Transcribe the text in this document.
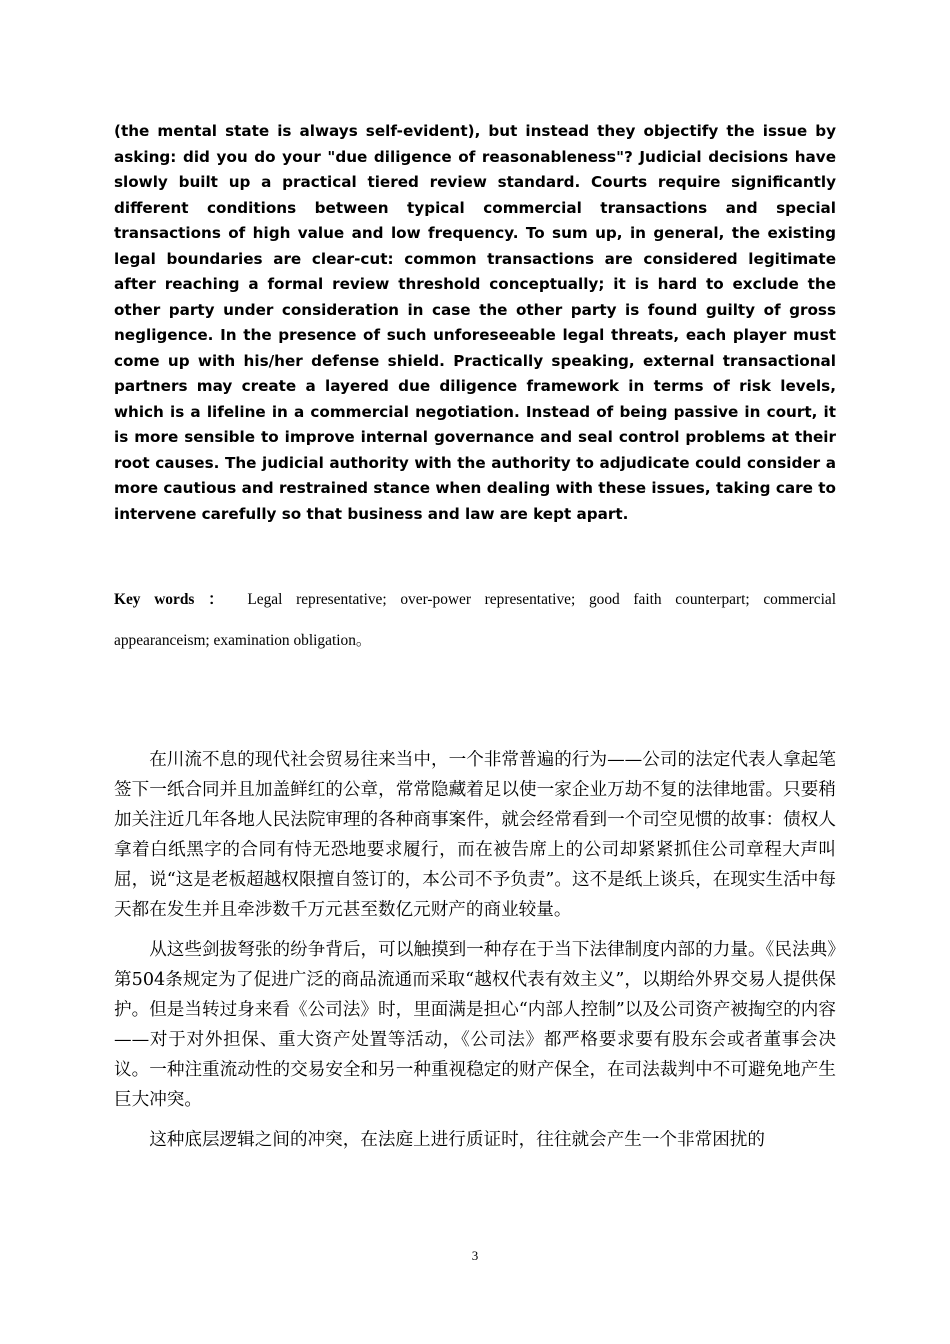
(the mental state is always self-evident), but instead they objectify the issue by asking: did you do your "due diligence of reasonableness"? Judicial decisions have slowly built up a practical tiered review standard. Courts require significantly different conditions between typical commercial transactions and special transactions of high value and low frequency. To sum up, in general, the existing legal boundaries are clear-cut: common transactions are considered legitimate after reaching a formal review threshold conceptually; it is hard to exclude the other party under consideration in case the other party is found guilty of gross negligence. In the presence of such unforeseeable legal threats, each player must come up with his/her defense shield. Practically speaking, external transactional partners may create a layered due diligence framework in terms of risk levels, which is a lifeline in a commercial negotiation. Instead of being passive in court, it is more sensible to improve internal governance and seal control problems at their root causes. The judicial authority with the authority to adjudicate could consider a more cautious and restrained stance when dealing with these issues, taking care to intervene carefully so that business and law are kept apart.

Key words ： Legal representative; over-power representative; good faith counterpart; commercial appearanceism; examination obligation。

在川流不息的现代社会贸易往来当中，一个非常普遍的行为——公司的法定代表人拿起笔签下一纸合同并且加盖鲜红的公章，常常隐藏着足以使一家企业万劫不复的法律地雷。只要稍加关注近几年各地人民法院审理的各种商事案件，就会经常看到一个司空见惯的故事：债权人拿着白纸黑字的合同有恃无恐地要求履行，而在被告席上的公司却紧紧抓住公司章程大声叫屈，说“这是老板超越权限擅自签订的，本公司不予负责”。这不是纸上谈兵，在现实生活中每天都在发生并且牵涉数千万元甚至数亿元财产的商业较量。

从这些剑拔弩张的纷争背后，可以触摸到一种存在于当下法律制度内部的力量。《民法典》第504条规定为了促进广泛的商品流通而采取“越权代表有效主义”，以期给外界交易人提供保护。但是当转过身来看《公司法》时，里面满是担心“内部人控制”以及公司资产被掏空的内容——对于对外担保、重大资产处置等活动，《公司法》都严格要求要有股东会或者董事会决议。一种注重流动性的交易安全和另一种重视稳定的财产保全，在司法裁判中不可避免地产生巨大冲突。

这种底层逻辑之间的冲突，在法庭上进行质证时，往往就会产生一个非常困扰的

3
